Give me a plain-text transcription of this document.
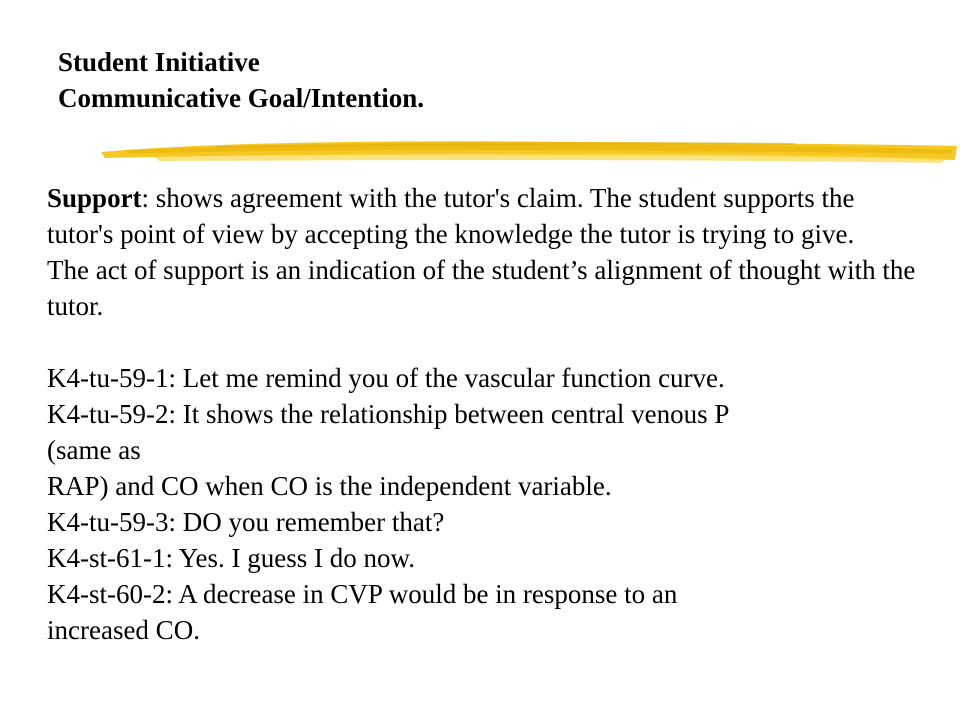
Student Initiative
Communicative Goal/Intention.

Support: shows agreement with the tutor's claim. The student supports the tutor's point of view by accepting the knowledge the tutor is trying to give.

The act of support is an indication of the student’s alignment of thought with the tutor.

K4-tu-59-1: Let me remind you of the vascular function curve.
K4-tu-59-2: It shows the relationship between central venous P
(same as
RAP) and CO when CO is the independent variable.
K4-tu-59-3: DO you remember that?
K4-st-61-1: Yes. I guess I do now.
K4-st-60-2: A decrease in CVP would be in response to an
increased CO.
